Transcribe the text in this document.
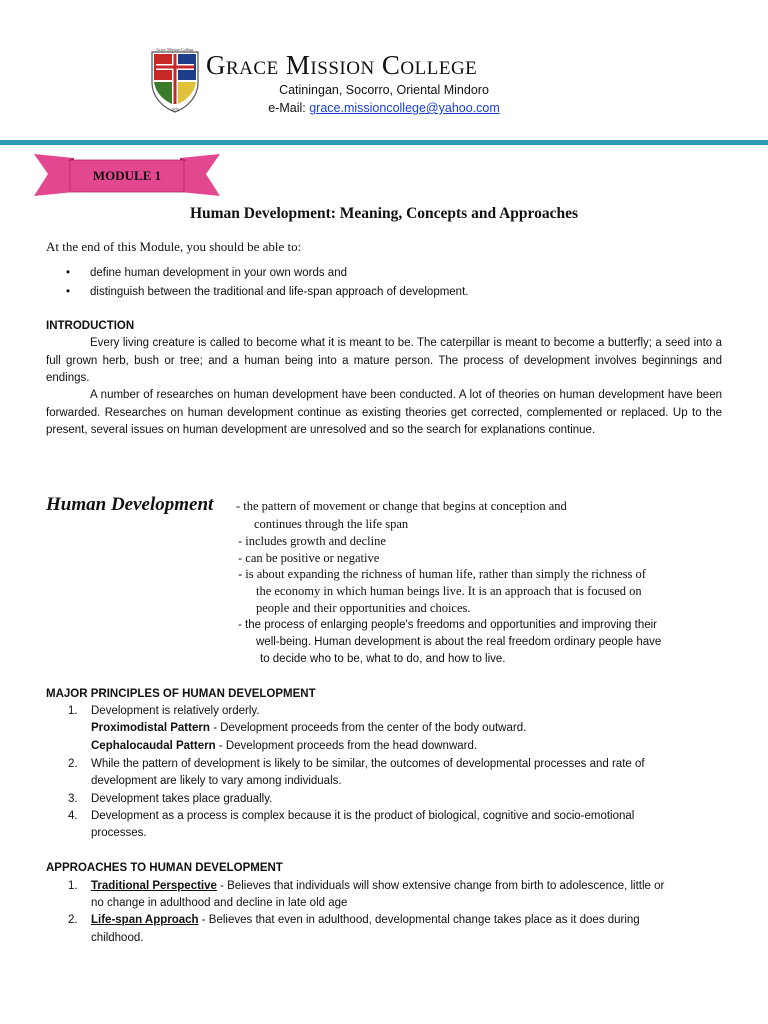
Grace Mission College
1976
Grace Mission College
Catiningan, Socorro, Oriental Mindoro
e-Mail: grace.missioncollege@yahoo.com
MODULE 1
Human Development: Meaning, Concepts and Approaches
At the end of this Module, you should be able to:
• define human development in your own words and
• distinguish between the traditional and life-span approach of development.
INTRODUCTION
Every living creature is called to become what it is meant to be. The caterpillar is meant to become a butterfly; a seed into a full grown herb, bush or tree; and a human being into a mature person. The process of development involves beginnings and endings.
A number of researches on human development have been conducted. A lot of theories on human development have been forwarded. Researches on human development continue as existing theories get corrected, complemented or replaced. Up to the present, several issues on human development are unresolved and so the search for explanations continue.
Human Development - the pattern of movement or change that begins at conception and
continues through the life span
- includes growth and decline
- can be positive or negative
- is about expanding the richness of human life, rather than simply the richness of
the economy in which human beings live. It is an approach that is focused on
people and their opportunities and choices.
- the process of enlarging people's freedoms and opportunities and improving their
well-being. Human development is about the real freedom ordinary people have
to decide who to be, what to do, and how to live.
MAJOR PRINCIPLES OF HUMAN DEVELOPMENT
1. Development is relatively orderly.
Proximodistal Pattern - Development proceeds from the center of the body outward.
Cephalocaudal Pattern - Development proceeds from the head downward.
2. While the pattern of development is likely to be similar, the outcomes of developmental processes and rate of
development are likely to vary among individuals.
3. Development takes place gradually.
4. Development as a process is complex because it is the product of biological, cognitive and socio-emotional
processes.
APPROACHES TO HUMAN DEVELOPMENT
1. Traditional Perspective - Believes that individuals will show extensive change from birth to adolescence, little or
no change in adulthood and decline in late old age
2. Life-span Approach - Believes that even in adulthood, developmental change takes place as it does during
childhood.
